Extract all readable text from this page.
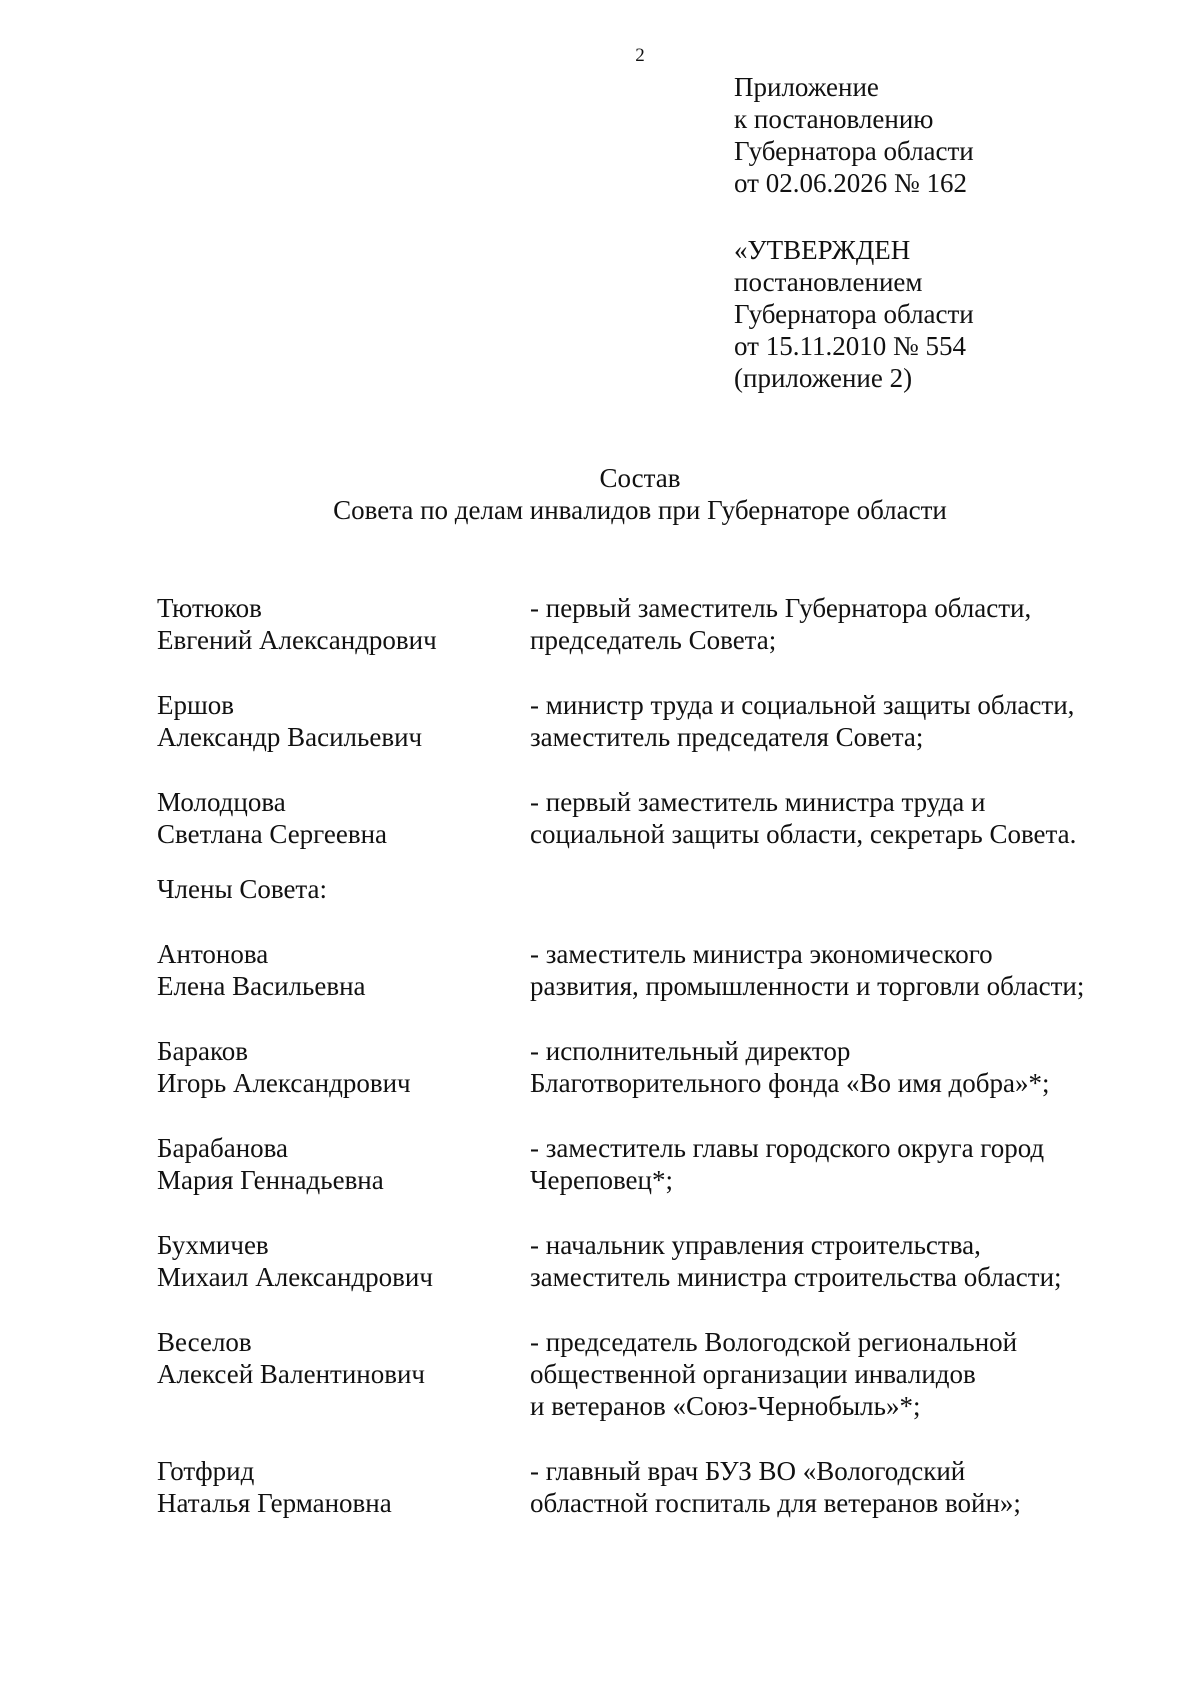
2
Приложение
к постановлению
Губернатора области
от 02.06.2026 № 162
«УТВЕРЖДЕН
постановлением
Губернатора области
от 15.11.2010 № 554
(приложение 2)
Состав
Совета по делам инвалидов при Губернаторе области
Тютюков
Евгений Александрович
- первый заместитель Губернатора области,
председатель Совета;
Ершов
Александр Васильевич
- министр труда и социальной защиты области,
заместитель председателя Совета;
Молодцова
Светлана Сергеевна
- первый заместитель министра труда и
социальной защиты области, секретарь Совета.
Члены Совета:
Антонова
Елена Васильевна
- заместитель министра экономического
развития, промышленности и торговли области;
Бараков
Игорь Александрович
- исполнительный директор
Благотворительного фонда «Во имя добра»*;
Барабанова
Мария Геннадьевна
- заместитель главы городского округа город
Череповец*;
Бухмичев
Михаил Александрович
- начальник управления строительства,
заместитель министра строительства области;
Веселов
Алексей Валентинович
- председатель Вологодской региональной
общественной организации инвалидов
и ветеранов «Союз-Чернобыль»*;
Готфрид
Наталья Германовна
- главный врач БУЗ ВО «Вологодский
областной госпиталь для ветеранов войн»;
